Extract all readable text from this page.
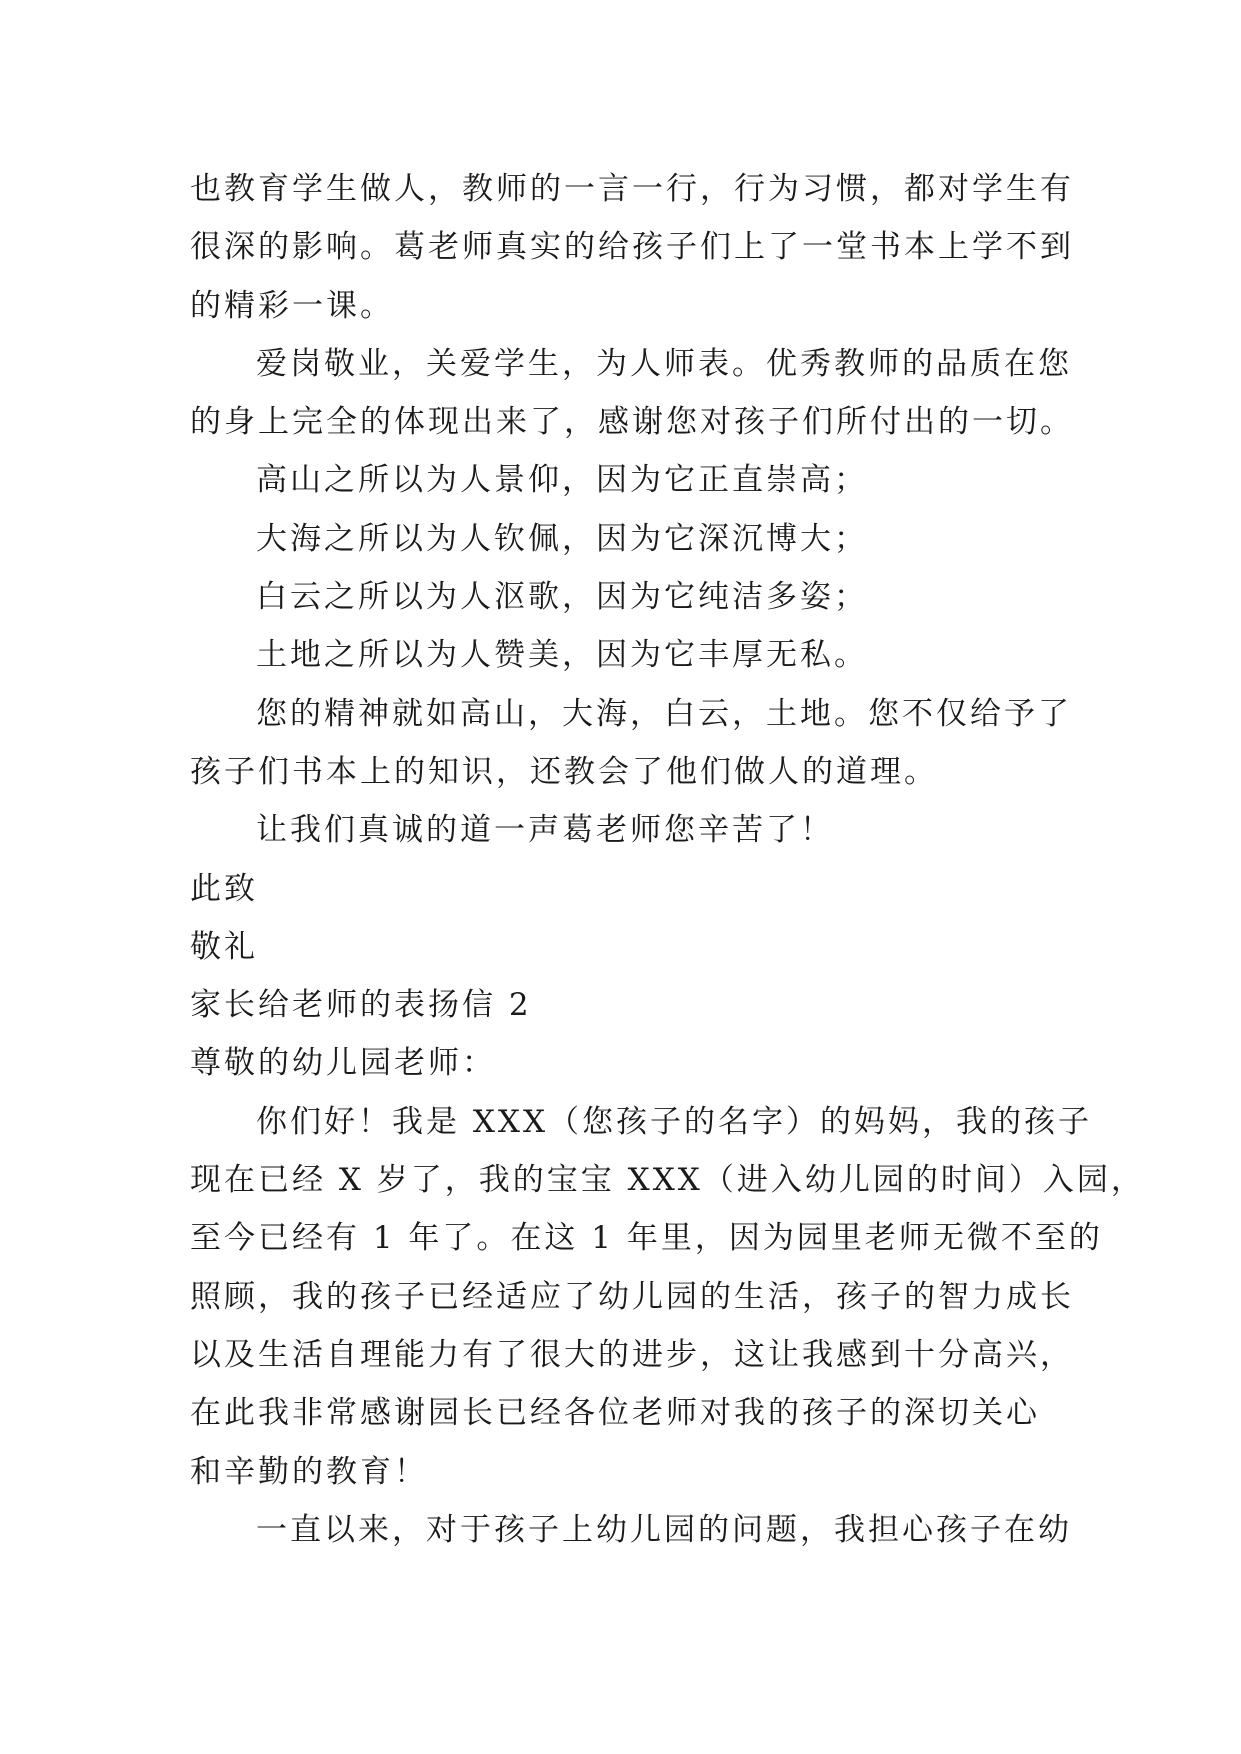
也教育学生做人，教师的一言一行，行为习惯，都对学生有

很深的影响。葛老师真实的给孩子们上了一堂书本上学不到

的精彩一课。

爱岗敬业，关爱学生，为人师表。优秀教师的品质在您

的身上完全的体现出来了，感谢您对孩子们所付出的一切。

高山之所以为人景仰，因为它正直崇高；

大海之所以为人钦佩，因为它深沉博大；

白云之所以为人沤歌，因为它纯洁多姿；

土地之所以为人赞美，因为它丰厚无私。

您的精神就如高山，大海，白云，土地。您不仅给予了

孩子们书本上的知识，还教会了他们做人的道理。

让我们真诚的道一声葛老师您辛苦了！

此致

敬礼

家长给老师的表扬信 2

尊敬的幼儿园老师：

你们好！我是 XXX（您孩子的名字）的妈妈，我的孩子

现在已经 X 岁了，我的宝宝 XXX（进入幼儿园的时间）入园，

至今已经有 1 年了。在这 1 年里，因为园里老师无微不至的

照顾，我的孩子已经适应了幼儿园的生活，孩子的智力成长

以及生活自理能力有了很大的进步，这让我感到十分高兴，

在此我非常感谢园长已经各位老师对我的孩子的深切关心

和辛勤的教育！

一直以来，对于孩子上幼儿园的问题，我担心孩子在幼
